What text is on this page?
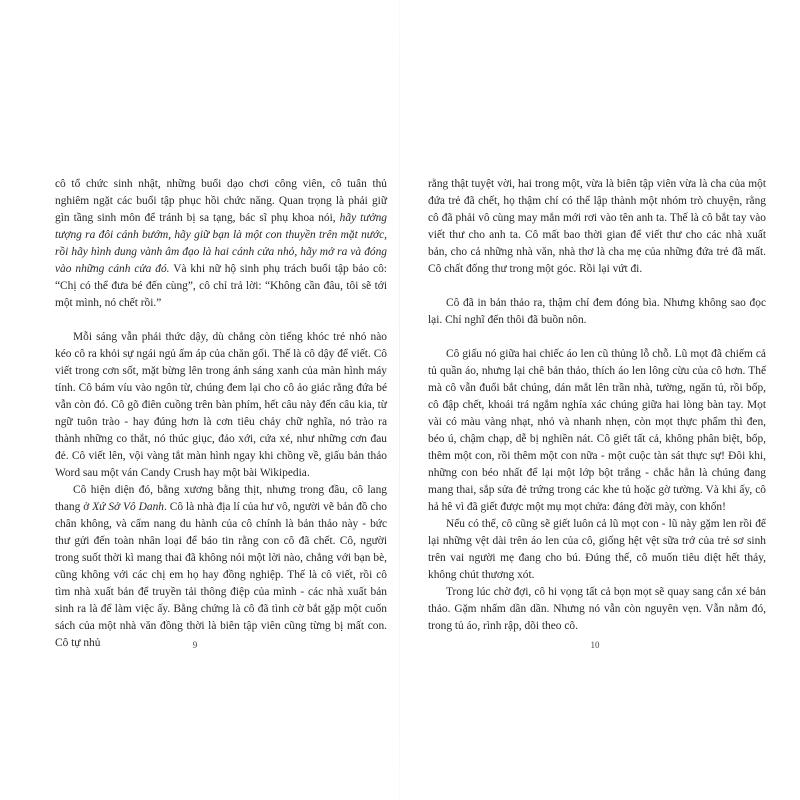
cô tổ chức sinh nhật, những buổi dạo chơi công viên, cô tuân thủ nghiêm ngặt các buổi tập phục hồi chức năng. Quan trọng là phải giữ gìn tầng sinh môn để tránh bị sa tạng, bác sĩ phụ khoa nói, hãy tưởng tượng ra đôi cánh bướm, hãy giữ bạn là một con thuyền trên mặt nước, rồi hãy hình dung vành âm đạo là hai cánh cửa nhỏ, hãy mở ra và đóng vào những cánh cửa đó. Và khi nữ hộ sinh phụ trách buổi tập bảo cô: “Chị có thể đưa bé đến cùng”, cô chỉ trả lời: “Không cần đâu, tôi sẽ tới một mình, nó chết rồi.”

Mỗi sáng vẫn phải thức dậy, dù chẳng còn tiếng khóc trẻ nhỏ nào kéo cô ra khỏi sự ngái ngủ ấm áp của chăn gối. Thế là cô dậy để viết. Cô viết trong cơn sốt, mặt bừng lên trong ánh sáng xanh của màn hình máy tính. Cô bám víu vào ngôn từ, chúng đem lại cho cô ảo giác rằng đứa bé vẫn còn đó. Cô gõ điên cuồng trên bàn phím, hết câu này đến câu kia, từ ngữ tuôn trào - hay đúng hơn là cơn tiêu chảy chữ nghĩa, nó trào ra thành những co thắt, nó thúc giục, đảo xới, cứa xé, như những cơn đau đẻ. Cô viết lên, vội vàng tắt màn hình ngay khi chồng về, giấu bản thảo Word sau một ván Candy Crush hay một bài Wikipedia.

Cô hiện diện đó, bằng xương bằng thịt, nhưng trong đầu, cô lang thang ở Xứ Sở Vô Danh. Cô là nhà địa lí của hư vô, người vẽ bản đồ cho chân không, và cẩm nang du hành của cô chính là bản thảo này - bức thư gửi đến toàn nhân loại để báo tin rằng con cô đã chết. Cô, người trong suốt thời kì mang thai đã không nói một lời nào, chẳng với bạn bè, cũng không với các chị em họ hay đồng nghiệp. Thế là cô viết, rồi cô tìm nhà xuất bản để truyền tải thông điệp của mình - các nhà xuất bản sinh ra là để làm việc ấy. Bằng chứng là cô đã tình cờ bắt gặp một cuốn sách của một nhà văn đồng thời là biên tập viên cũng từng bị mất con. Cô tự nhủ	9

rằng thật tuyệt vời, hai trong một, vừa là biên tập viên vừa là cha của một đứa trẻ đã chết, họ thậm chí có thể lập thành một nhóm trò chuyện, rằng cô đã phải vô cùng may mắn mới rơi vào tên anh ta. Thế là cô bắt tay vào viết thư cho anh ta. Cô mất bao thời gian để viết thư cho các nhà xuất bản, cho cả những nhà văn, nhà thơ là cha mẹ của những đứa trẻ đã mất. Cô chất đống thư trong một góc. Rồi lại vứt đi.

Cô đã in bản thảo ra, thậm chí đem đóng bìa. Nhưng không sao đọc lại. Chỉ nghĩ đến thôi đã buồn nôn.

Cô giấu nó giữa hai chiếc áo len cũ thủng lỗ chỗ. Lũ mọt đã chiếm cả tủ quần áo, nhưng lại chê bản thảo, thích áo len lông cừu của cô hơn. Thế mà cô vẫn đuổi bắt chúng, dán mắt lên trần nhà, tường, ngăn tủ, rồi bốp, cô đập chết, khoái trá ngắm nghía xác chúng giữa hai lòng bàn tay. Mọt vài có màu vàng nhạt, nhỏ và nhanh nhẹn, còn mọt thực phẩm thì đen, béo ú, chậm chạp, dễ bị nghiền nát. Cô giết tất cả, không phân biệt, bốp, thêm một con, rồi thêm một con nữa - một cuộc tàn sát thực sự! Đôi khi, những con béo nhất để lại một lớp bột trắng - chắc hẳn là chúng đang mang thai, sắp sửa đẻ trứng trong các khe tủ hoặc gờ tường. Và khi ấy, cô hả hê vì đã giết được một mụ mọt chửa: đáng đời mày, con khốn!

Nếu có thể, cô cũng sẽ giết luôn cả lũ mọt con - lũ này gặm len rồi để lại những vệt dài trên áo len của cô, giống hệt vệt sữa trớ của trẻ sơ sinh trên vai người mẹ đang cho bú. Đúng thế, cô muốn tiêu diệt hết thảy, không chút thương xót.

Trong lúc chờ đợi, cô hi vọng tất cả bọn mọt sẽ quay sang cắn xé bản thảo. Gặm nhấm dần dần. Nhưng nó vẫn còn nguyên vẹn. Vẫn nằm đó, trong tủ áo, rình rập, dõi theo cô.

10
